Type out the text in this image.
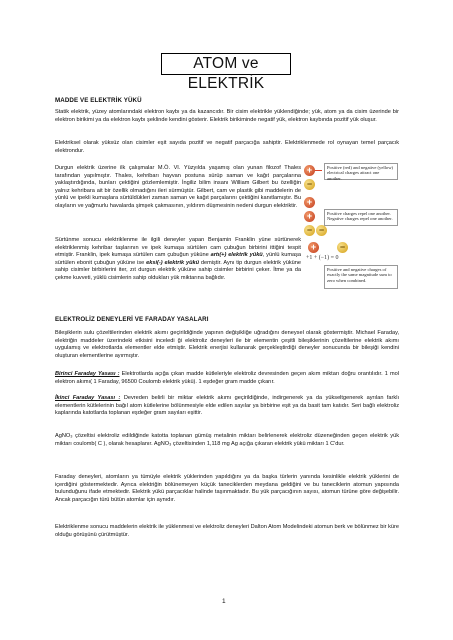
ATOM ve ELEKTRİK
MADDE VE ELEKTRİK YÜKÜ

Statik elektrik, yüzey atomlarındaki elektron kaybı ya da kazancıdır. Bir cisim elektrikle yüklendiğinde; yük, atom ya da cisim üzerinde bir elektron birikimi ya da elektron kaybı şeklinde kendini gösterir. Elektrik birikiminde negatif yük, elektron kaybında pozitif yük oluşur.

Elektriksel olarak yüksüz olan cisimler eşit sayıda pozitif ve negatif parçacığa sahiptir. Elektriklenmede rol oynayan temel parçacık elektrondur.

Durgun elektrik üzerine ilk çalışmalar M.Ö. VI. Yüzyılda yaşamış olan yunan filozof Thales tarafından yapılmıştır. Thales, kehribarı hayvan postuna sürüp saman ve kağıt parçalarına yaklaştırdığında, bunları çektiğini gözlemlemiştir. İngiliz bilim insanı William Gilbert bu özelliğin yalnız kehribara ait bir özellik olmadığını ileri sürmüştür. Gilbert, cam ve plastik gibi maddelerin de yünlü ve ipekli kumaşlara sürtüldükleri zaman saman ve kağıt parçalarını çektiğini kanıtlamıştır. Bu olayların ve yağmurlu havalarda şimşek çakmasının, yıldırım düşmesinin nedeni durgun elektriktir.

Sürtünme sonucu elektriklenme ile ilgili deneyler yapan Benjamin Franklin yüne sürtünerek elektriklenmiş kehribar taşlarının ve ipek kumaşa sürtülen cam çubuğun birbirini ittiğini tespit etmiştir. Franklin, ipek kumaşa sürtülen cam çubuğun yüküne artı(+) elektrik yükü, yünlü kumaşa sürtülen ebonit çubuğun yüküne ise eksi(-) elektrik yükü demiştir. Aynı tip durgun elektrik yüküne sahip cisimler birbirlerini iter, zıt durgun elektrik yüküne sahip cisimler birbirini çeker. İtme ya da çekme kuvveti, yüklü cisimlerin sahip oldukları yük miktarına bağlıdır.

+
−
Positive (red) and negative (yellow) electrical charges attract one another.
+
+
− −
Positive charges repel one another. Negative charges repel one another.
+	−
+1 + (−1) = 0
Positive and negative charges of exactly the same magnitude sum to zero when combined.
ELEKTROLİZ DENEYLERİ VE FARADAY YASALARI

Bileşiklerin sulu çözeltilerinden elektrik akımı geçirildiğinde yapının değişikliğe uğradığını deneysel olarak göstermiştir. Michael Faraday, elektriğin maddeler üzerindeki etkisini inceledi ği elektroliz deneyleri ile bir elementin çeşitli bileşiklerinin çözeltilerine elektrik akımı uygulamış ve elektrotlarda elementler elde etmiştir. Elektrik enerjisi kullanarak gerçekleştirdiği deneyler sonucunda bir bileşiği kendini oluşturan elementlerine ayırmıştır.

Birinci Faraday Yasası : Elektrotlarda açığa çıkan madde kütleleriyle elektroliz devresinden geçen akım miktarı doğru orantılıdır. 1 mol elektron akımı( 1 Faraday, 96500 Coulomb elektrik yükü). 1 eşdeğer gram madde çıkarır.

İkinci Faraday Yasası : Devreden belirli bir miktar elektrik akımı geçirildiğinde, indirgenerek ya da yükseltgenerek ayrılan farklı elementlerin kütlelerinin bağıl atom kütlelerine bölünmesiyle elde edilen sayılar ya birbirine eşit ya da basit tam katıdır. Seri bağlı elektroliz kaplarında katotlarda toplanan eşdeğer gram sayıları eşittir.

AgNO₃ çözeltisi elektroliz edildiğinde katotta toplanan gümüş metalinin miktarı belirlenerek elektroliz düzeneğinden geçen elektrik yük miktarı coulomb( C ), olarak hesaplanır. AgNO₃ çözeltisinden 1,118 mg Ag açığa çıkaran elektrik yükü miktarı 1 C'dur.

Faraday deneyleri, atomların ya tümüyle elektrik yüklerinden yapıldığını ya da başka türlerin yanında kesinlikle elektrik yüklerini de içerdiğini göstermektedir. Ayrıca elektriğin bölünemeyen küçük taneciklerden meydana geldiğini ve bu taneciklerin atomun yapısında bulunduğunu ifade etmektedir. Elektrik yükü parçacıklar halinde taşınmaktadır. Bu yük parçacığının sayısı, atomun türüne göre değişebilir. Ancak parçacığın türü bütün atomlar için aynıdır.

Elektriklenme sonucu maddelerin elektrik ile yüklenmesi ve elektroliz deneyleri Dalton Atom Modelindeki atomun berk ve bölünmez bir küre olduğu görüşünü çürütmüştür.

1
